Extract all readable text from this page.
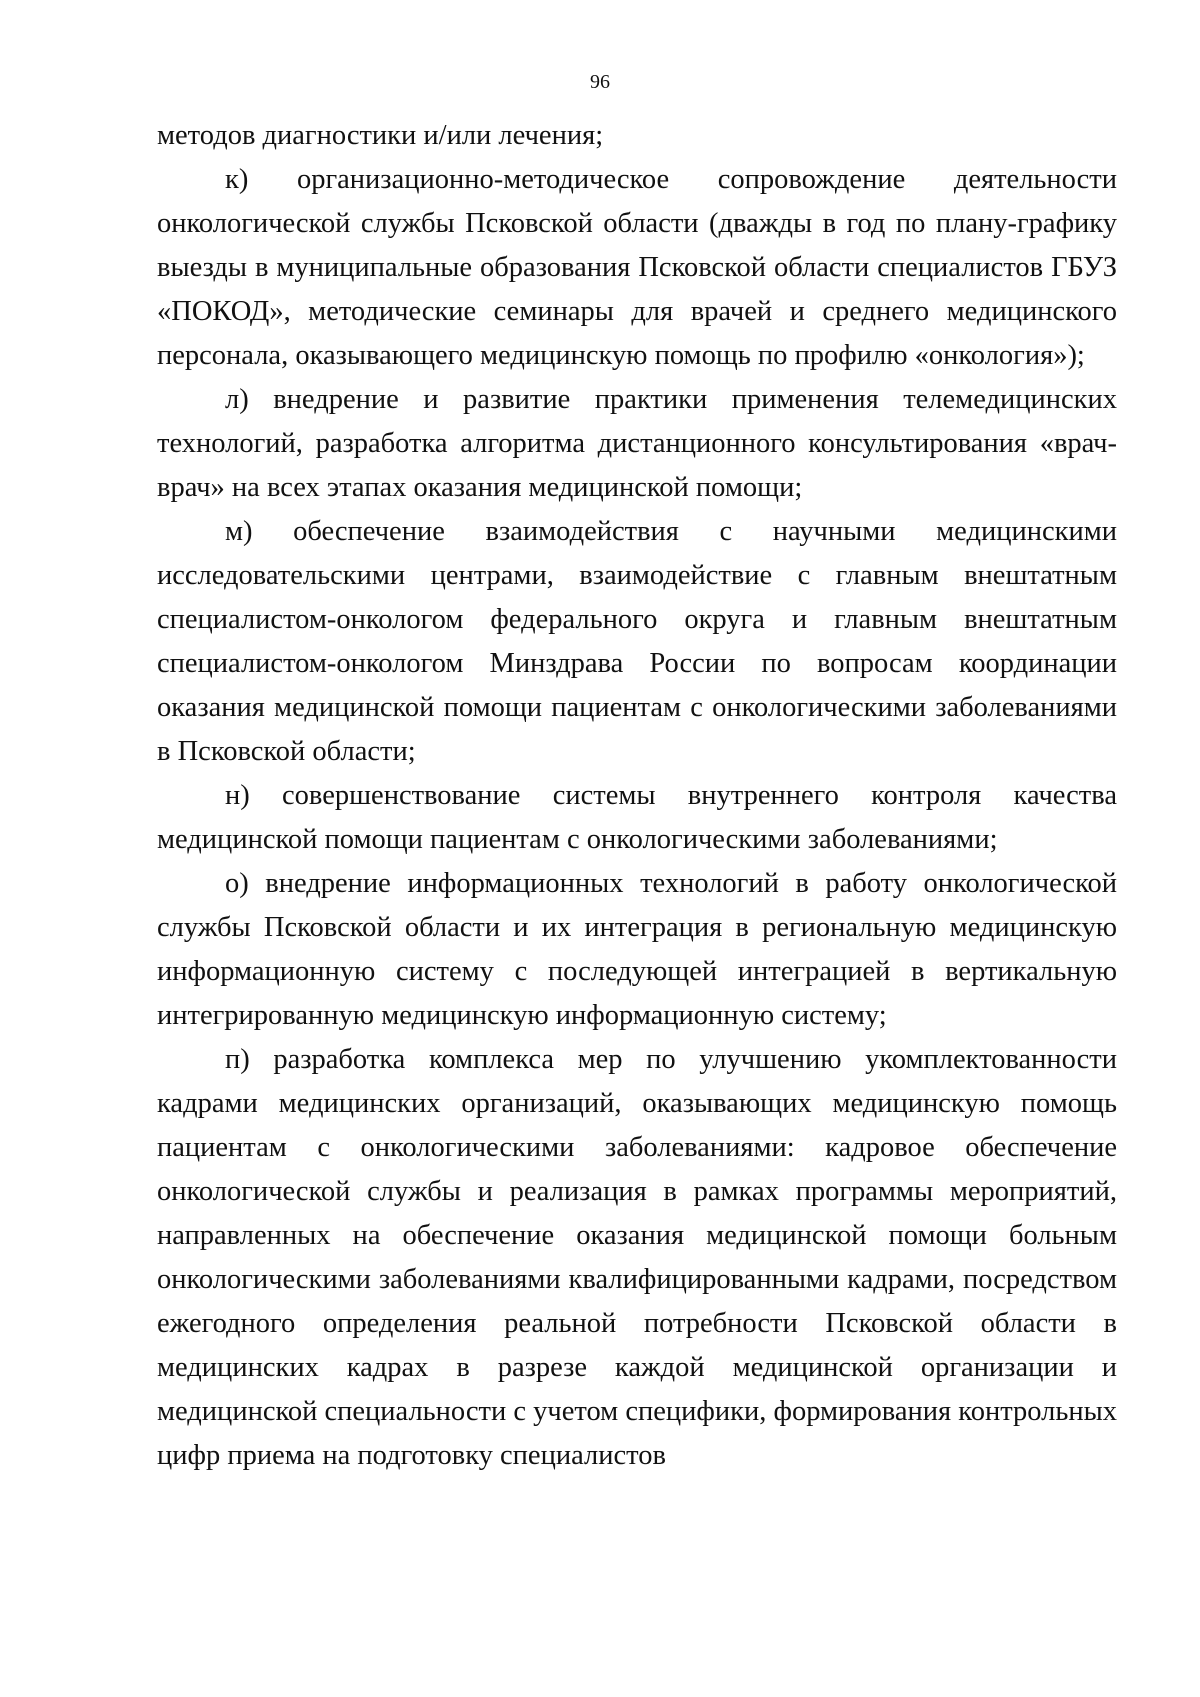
96

методов диагностики и/или лечения;

к) организационно-методическое сопровождение деятельности онкологической службы Псковской области (дважды в год по плану-графику выезды в муниципальные образования Псковской области специалистов ГБУЗ «ПОКОД», методические семинары для врачей и среднего медицинского персонала, оказывающего медицинскую помощь по профилю «онкология»);

л) внедрение и развитие практики применения телемедицинских технологий, разработка алгоритма дистанционного консультирования «врач-врач» на всех этапах оказания медицинской помощи;

м) обеспечение взаимодействия с научными медицинскими исследовательскими центрами, взаимодействие с главным внештатным специалистом-онкологом федерального округа и главным внештатным специалистом-онкологом Минздрава России по вопросам координации оказания медицинской помощи пациентам с онкологическими заболеваниями в Псковской области;

н) совершенствование системы внутреннего контроля качества медицинской помощи пациентам с онкологическими заболеваниями;

о) внедрение информационных технологий в работу онкологической службы Псковской области и их интеграция в региональную медицинскую информационную систему с последующей интеграцией в вертикальную интегрированную медицинскую информационную систему;

п) разработка комплекса мер по улучшению укомплектованности кадрами медицинских организаций, оказывающих медицинскую помощь пациентам с онкологическими заболеваниями: кадровое обеспечение онкологической службы и реализация в рамках программы мероприятий, направленных на обеспечение оказания медицинской помощи больным онкологическими заболеваниями квалифицированными кадрами, посредством ежегодного определения реальной потребности Псковской области в медицинских кадрах в разрезе каждой медицинской организации и медицинской специальности с учетом специфики, формирования контрольных цифр приема на подготовку специалистов
